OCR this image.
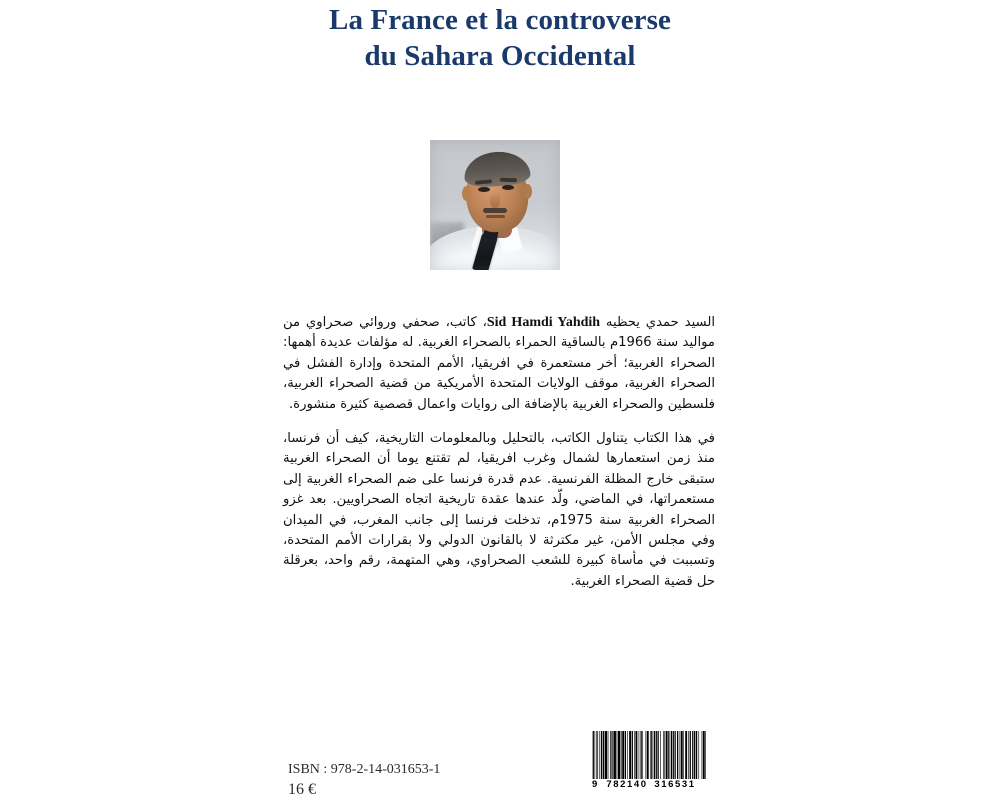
La France et la controverse
du Sahara Occidental

السيد حمدي يحظيه Sid Hamdi Yahdih، كاتب، صحفي وروائي صحراوي من مواليد سنة 1966م بالساقية الحمراء بالصحراء الغربية. له مؤلفات عديدة أهمها: الصحراء الغربية؛ أخر مستعمرة في افريقيا، الأمم المتحدة وإدارة الفشل في الصحراء الغربية، موقف الولايات المتحدة الأمريكية من قضية الصحراء الغربية، فلسطين والصحراء الغربية بالإضافة الى روايات واعمال قصصية كثيرة منشورة.

في هذا الكتاب يتناول الكاتب، بالتحليل وبالمعلومات التاريخية، كيف أن فرنسا، منذ زمن استعمارها لشمال وغرب افريقيا، لم تقتنع يوما أن الصحراء الغربية ستبقى خارج المظلة الفرنسية. عدم قدرة فرنسا على ضم الصحراء الغربية إلى مستعمراتها، في الماضي، ولّد عندها عقدة تاريخية اتجاه الصحراويين. بعد غزو الصحراء الغربية سنة 1975م، تدخلت فرنسا إلى جانب المغرب، في الميدان وفي مجلس الأمن، غير مكترثة لا بالقانون الدولي ولا بقرارات الأمم المتحدة، وتسببت في مأساة كبيرة للشعب الصحراوي، وهي المتهمة، رقم واحد، بعرقلة حل قضية الصحراء الغربية.

ISBN : 978-2-14-031653-1
16 €	9 782140 316531
